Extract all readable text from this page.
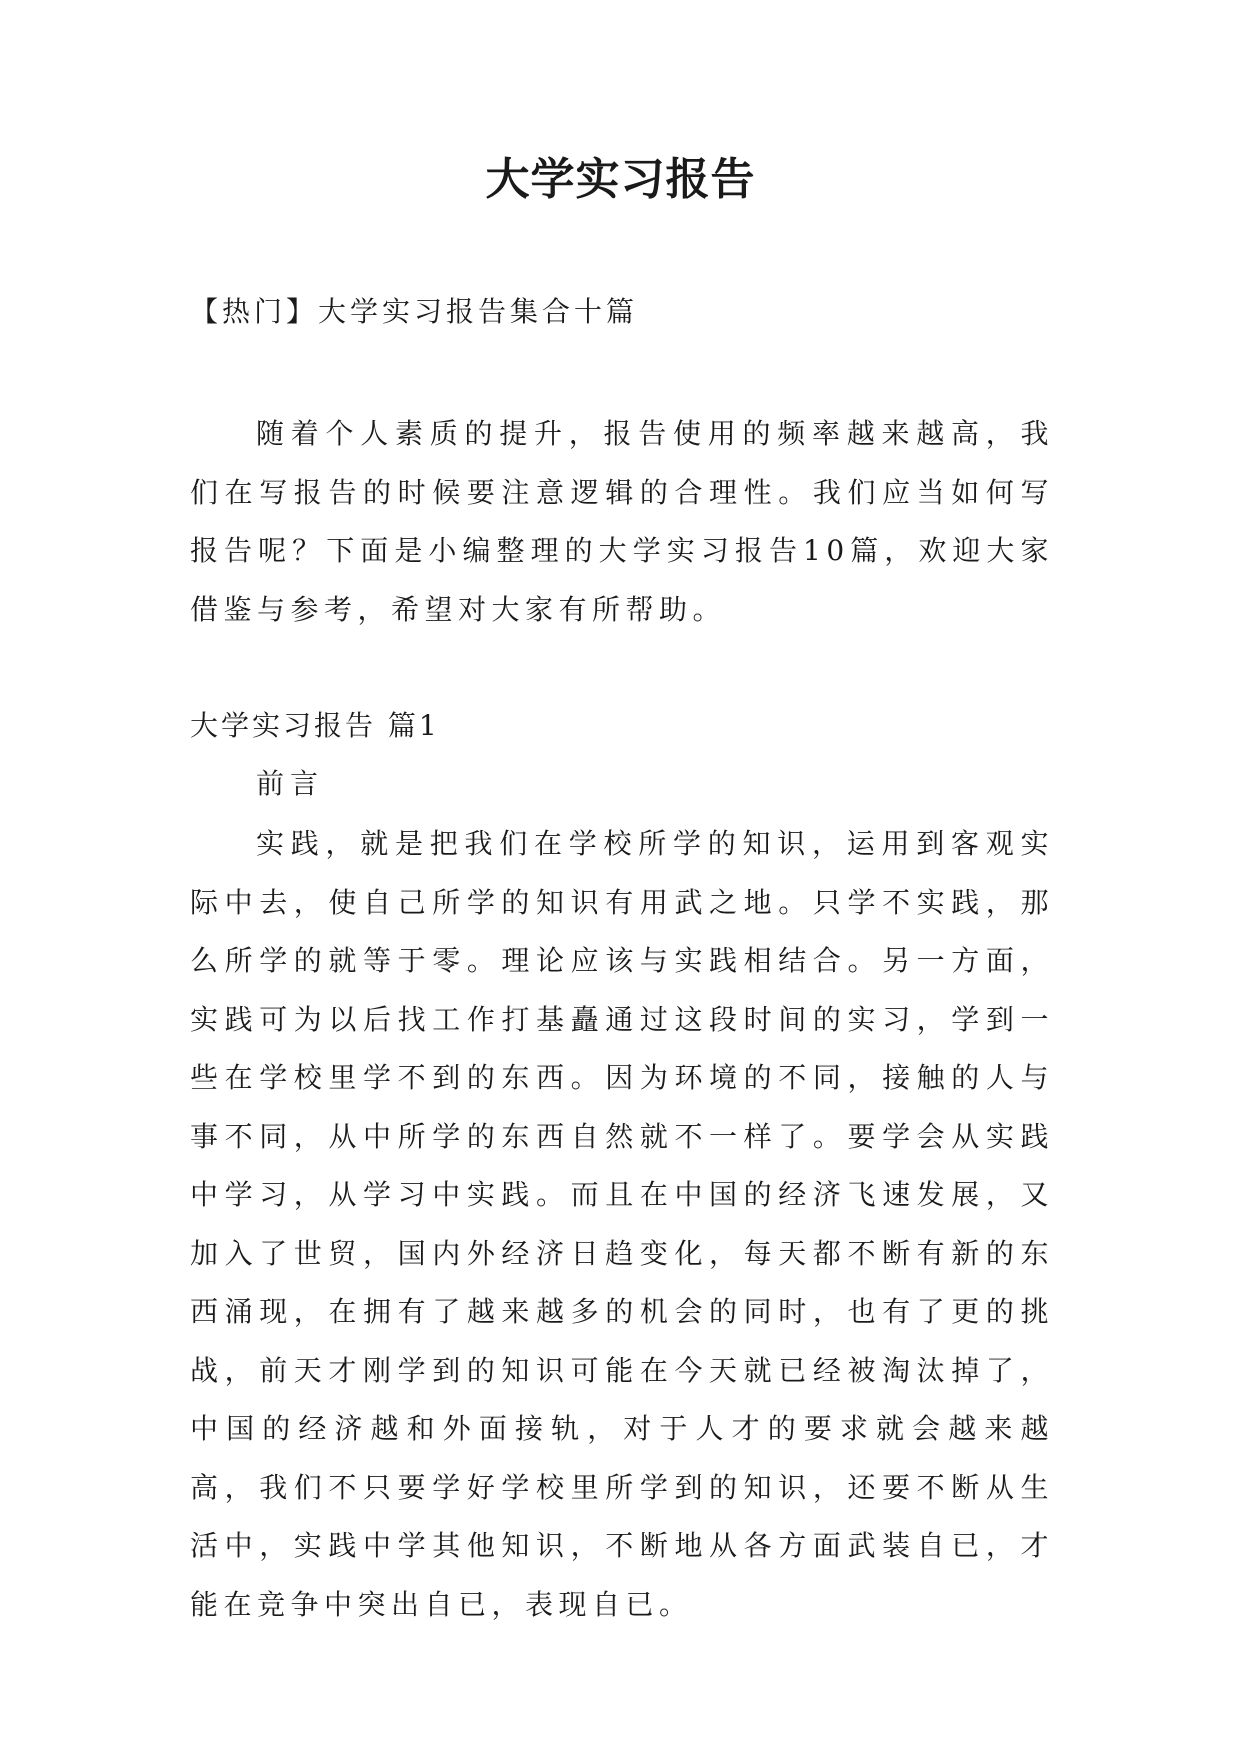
大学实习报告

【热门】大学实习报告集合十篇

随着个人素质的提升，报告使用的频率越来越高，我们在写报告的时候要注意逻辑的合理性。我们应当如何写报告呢？下面是小编整理的大学实习报告10篇，欢迎大家借鉴与参考，希望对大家有所帮助。

大学实习报告 篇1

前言

实践，就是把我们在学校所学的知识，运用到客观实际中去，使自己所学的知识有用武之地。只学不实践，那么所学的就等于零。理论应该与实践相结合。另一方面，实践可为以后找工作打基矗通过这段时间的实习，学到一些在学校里学不到的东西。因为环境的不同，接触的人与事不同，从中所学的东西自然就不一样了。要学会从实践中学习，从学习中实践。而且在中国的经济飞速发展，又加入了世贸，国内外经济日趋变化，每天都不断有新的东西涌现，在拥有了越来越多的机会的同时，也有了更的挑战，前天才刚学到的知识可能在今天就已经被淘汰掉了，中国的经济越和外面接轨，对于人才的要求就会越来越高，我们不只要学好学校里所学到的知识，还要不断从生活中，实践中学其他知识，不断地从各方面武装自已，才能在竞争中突出自已，表现自已。
